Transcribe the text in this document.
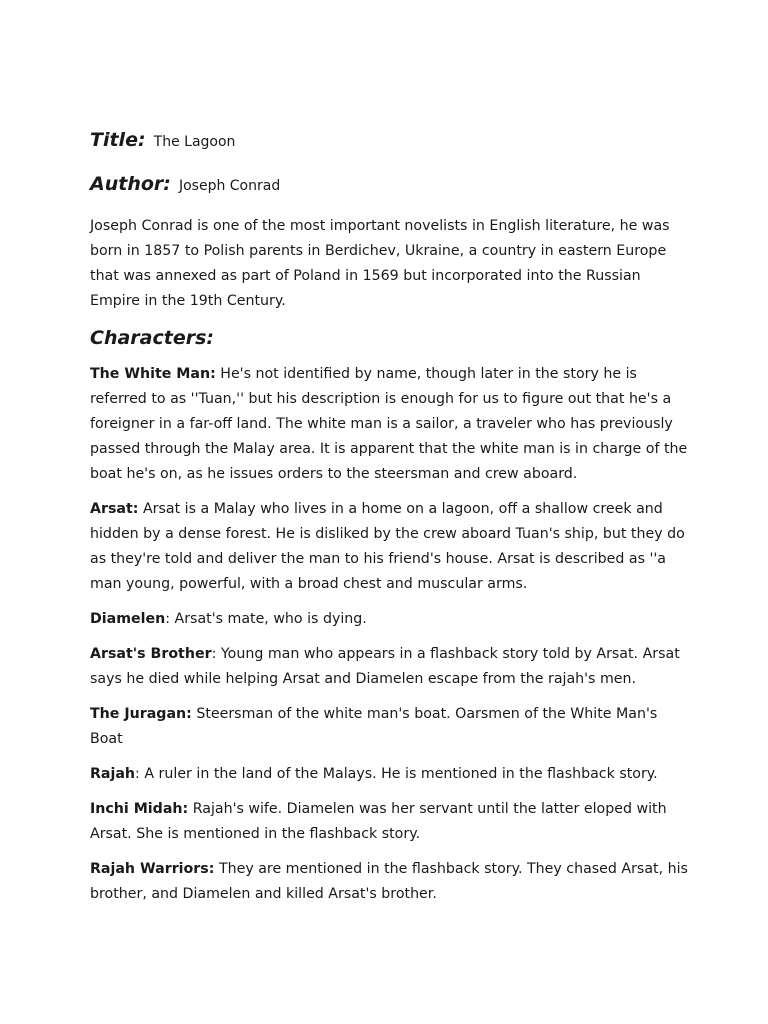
Title: The Lagoon

Author: Joseph Conrad

Joseph Conrad is one of the most important novelists in English literature, he was born in 1857 to Polish parents in Berdichev, Ukraine, a country in eastern Europe that was annexed as part of Poland in 1569 but incorporated into the Russian Empire in the 19th Century.

Characters:

The White Man: He's not identified by name, though later in the story he is referred to as ''Tuan,'' but his description is enough for us to figure out that he's a foreigner in a far-off land. The white man is a sailor, a traveler who has previously passed through the Malay area. It is apparent that the white man is in charge of the boat he's on, as he issues orders to the steersman and crew aboard.

Arsat: Arsat is a Malay who lives in a home on a lagoon, off a shallow creek and hidden by a dense forest. He is disliked by the crew aboard Tuan's ship, but they do as they're told and deliver the man to his friend's house. Arsat is described as ''a man young, powerful, with a broad chest and muscular arms.

Diamelen: Arsat's mate, who is dying.

Arsat's Brother: Young man who appears in a flashback story told by Arsat. Arsat says he died while helping Arsat and Diamelen escape from the rajah's men.

The Juragan: Steersman of the white man's boat. Oarsmen of the White Man's Boat

Rajah: A ruler in the land of the Malays. He is mentioned in the flashback story.

Inchi Midah: Rajah's wife. Diamelen was her servant until the latter eloped with Arsat. She is mentioned in the flashback story.

Rajah Warriors: They are mentioned in the flashback story. They chased Arsat, his brother, and Diamelen and killed Arsat's brother.
